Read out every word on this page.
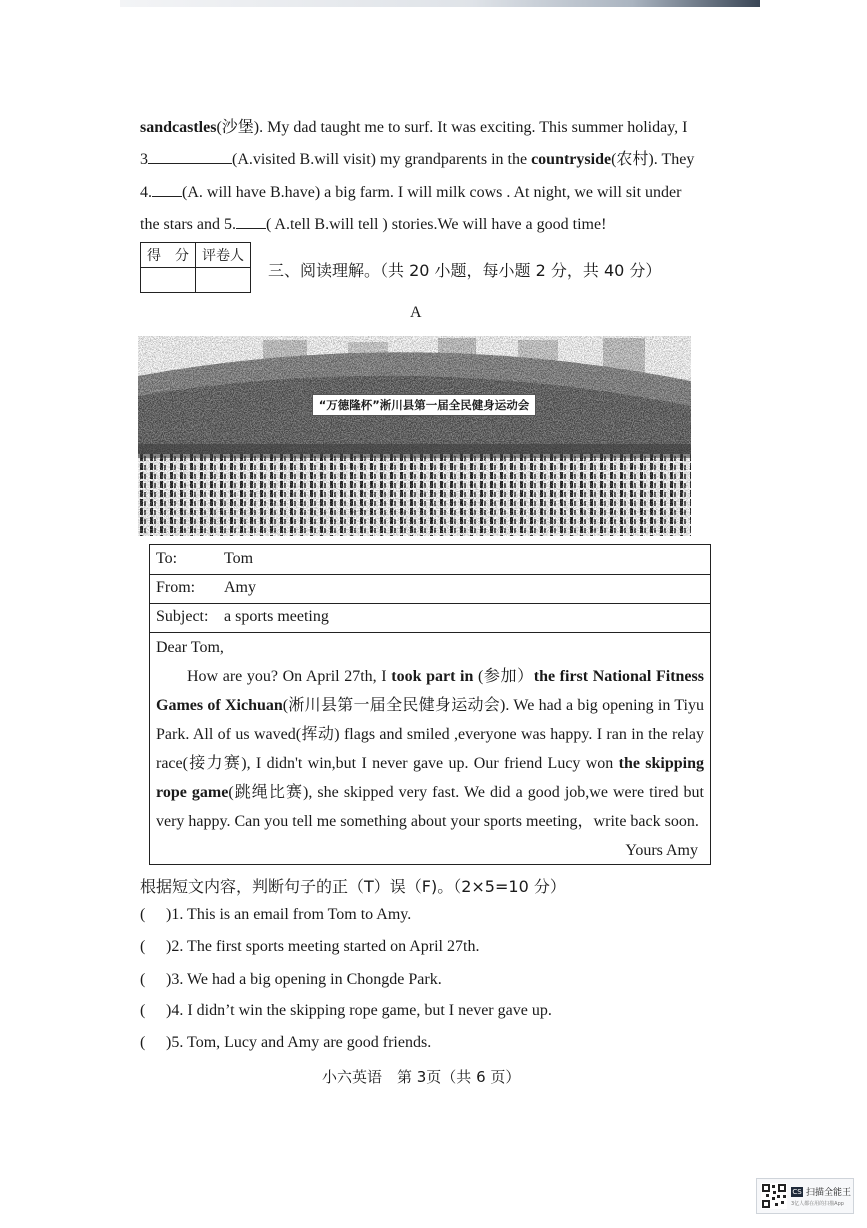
sandcastles(沙堡). My dad taught me to surf. It was exciting. This summer holiday, I
3	(A.visited B.will visit) my grandparents in the countryside(农村). They
4. (A. will have B.have) a big farm. I will milk cows . At night, we will sit under
the stars and 5. ( A.tell B.will tell ) stories.We will have a good time!
得　分	评卷人

三、阅读理解。（共 20 小题，每小题 2 分，共 40 分）
A
“万德隆杯”淅川县第一届全民健身运动会
To:	Tom
From: Amy
Subject: a sports meeting

Dear Tom,

How are you? On April 27th, I took part in (参加）the first National Fitness

Games of Xichuan(淅川县第一届全民健身运动会). We had a big opening in Tiyu

Park. All of us waved(挥动) flags and smiled ,everyone was happy. I ran in the relay

race(接力赛), I didn't win,but I never gave up. Our friend Lucy won the skipping

rope game(跳绳比赛), she skipped very fast. We did a good job,we were tired but

very happy. Can you tell me something about your sports meeting，write back soon.

Yours Amy

根据短文内容，判断句子的正（T）误（F)。（2×5=10 分）
( )1. This is an email from Tom to Amy.
( )2. The first sports meeting started on April 27th.
( )3. We had a big opening in Chongde Park.
( )4. I didn’t win the skipping rope game, but I never gave up.
( )5. Tom, Lucy and Amy are good friends.
小六英语　第 3页（共 6 页）
CS 扫描全能王
3亿人都在用的扫描App
